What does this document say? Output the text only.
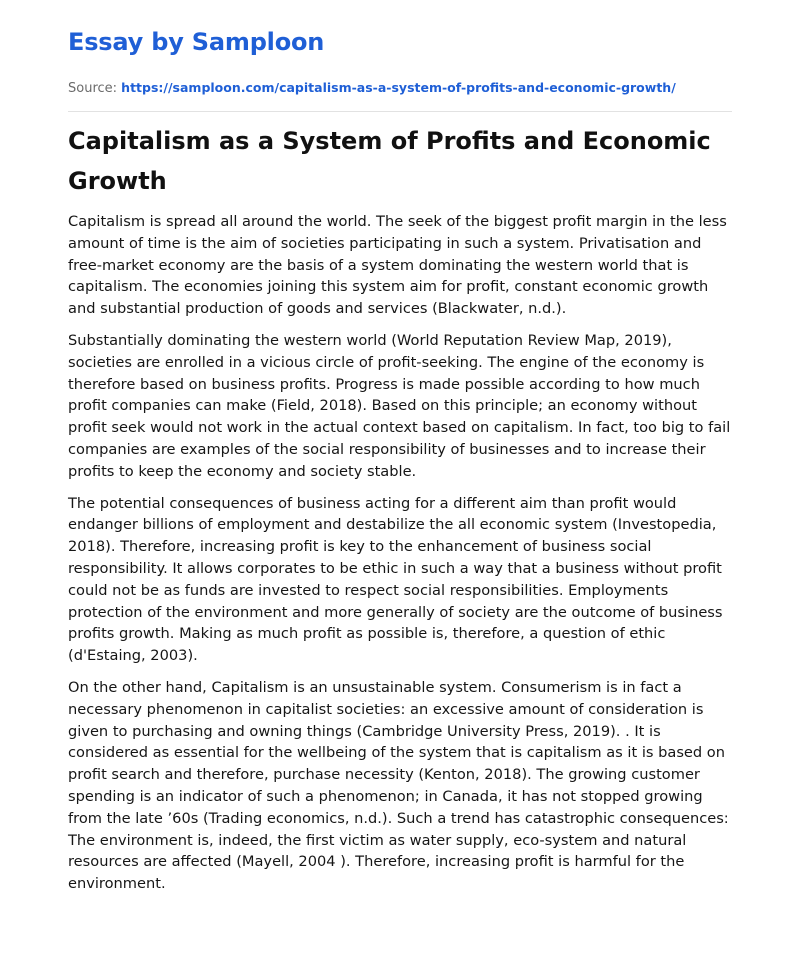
Essay by Samploon
Source: https://samploon.com/capitalism-as-a-system-of-profits-and-economic-growth/
Capitalism as a System of Profits and Economic Growth

Capitalism is spread all around the world. The seek of the biggest profit margin in the less amount of time is the aim of societies participating in such a system. Privatisation and free-market economy are the basis of a system dominating the western world that is capitalism. The economies joining this system aim for profit, constant economic growth and substantial production of goods and services (Blackwater, n.d.).

Substantially dominating the western world (World Reputation Review Map, 2019), societies are enrolled in a vicious circle of profit-seeking. The engine of the economy is therefore based on business profits. Progress is made possible according to how much profit companies can make (Field, 2018). Based on this principle; an economy without profit seek would not work in the actual context based on capitalism. In fact, too big to fail companies are examples of the social responsibility of businesses and to increase their profits to keep the economy and society stable.

The potential consequences of business acting for a different aim than profit would endanger billions of employment and destabilize the all economic system (Investopedia, 2018). Therefore, increasing profit is key to the enhancement of business social responsibility. It allows corporates to be ethic in such a way that a business without profit could not be as funds are invested to respect social responsibilities. Employments protection of the environment and more generally of society are the outcome of business profits growth. Making as much profit as possible is, therefore, a question of ethic (d'Estaing, 2003).

On the other hand, Capitalism is an unsustainable system. Consumerism is in fact a necessary phenomenon in capitalist societies: an excessive amount of consideration is given to purchasing and owning things (Cambridge University Press, 2019). . It is considered as essential for the wellbeing of the system that is capitalism as it is based on profit search and therefore, purchase necessity (Kenton, 2018). The growing customer spending is an indicator of such a phenomenon; in Canada, it has not stopped growing from the late ’60s (Trading economics, n.d.). Such a trend has catastrophic consequences: The environment is, indeed, the first victim as water supply, eco-system and natural resources are affected (Mayell, 2004 ). Therefore, increasing profit is harmful for the environment.
